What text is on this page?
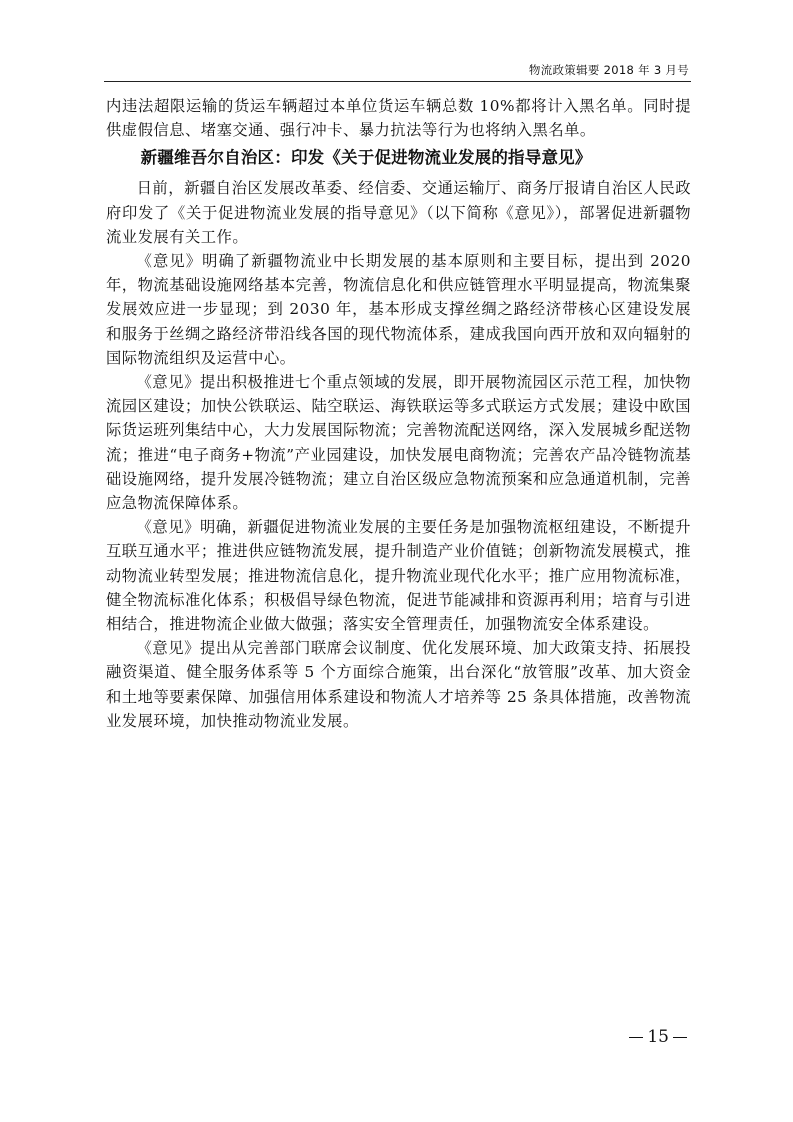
物流政策辑要 2018 年 3 月号

内违法超限运输的货运车辆超过本单位货运车辆总数 10%都将计入黑名单。同时提供虚假信息、堵塞交通、强行冲卡、暴力抗法等行为也将纳入黑名单。

新疆维吾尔自治区：印发《关于促进物流业发展的指导意见》

日前，新疆自治区发展改革委、经信委、交通运输厅、商务厅报请自治区人民政府印发了《关于促进物流业发展的指导意见》（以下简称《意见》），部署促进新疆物流业发展有关工作。

《意见》明确了新疆物流业中长期发展的基本原则和主要目标，提出到 2020 年，物流基础设施网络基本完善，物流信息化和供应链管理水平明显提高，物流集聚发展效应进一步显现；到 2030 年，基本形成支撑丝绸之路经济带核心区建设发展和服务于丝绸之路经济带沿线各国的现代物流体系，建成我国向西开放和双向辐射的国际物流组织及运营中心。

《意见》提出积极推进七个重点领域的发展，即开展物流园区示范工程，加快物流园区建设；加快公铁联运、陆空联运、海铁联运等多式联运方式发展；建设中欧国际货运班列集结中心，大力发展国际物流；完善物流配送网络，深入发展城乡配送物流；推进“电子商务+物流”产业园建设，加快发展电商物流；完善农产品冷链物流基础设施网络，提升发展冷链物流；建立自治区级应急物流预案和应急通道机制，完善应急物流保障体系。

《意见》明确，新疆促进物流业发展的主要任务是加强物流枢纽建设，不断提升互联互通水平；推进供应链物流发展，提升制造产业价值链；创新物流发展模式，推动物流业转型发展；推进物流信息化，提升物流业现代化水平；推广应用物流标准，健全物流标准化体系；积极倡导绿色物流，促进节能减排和资源再利用；培育与引进相结合，推进物流企业做大做强；落实安全管理责任，加强物流安全体系建设。

《意见》提出从完善部门联席会议制度、优化发展环境、加大政策支持、拓展投融资渠道、健全服务体系等 5 个方面综合施策，出台深化“放管服”改革、加大资金和土地等要素保障、加强信用体系建设和物流人才培养等 25 条具体措施，改善物流业发展环境，加快推动物流业发展。

15
